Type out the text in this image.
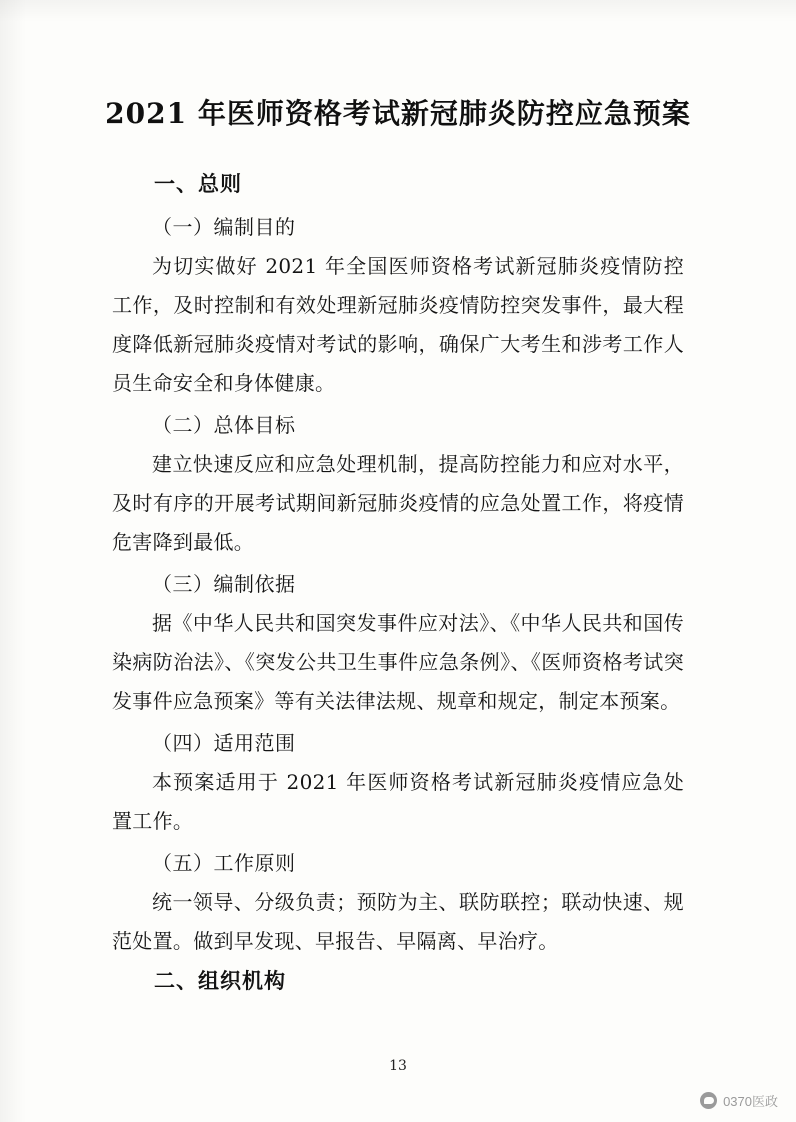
2021 年医师资格考试新冠肺炎防控应急预案
一、总则
（一）编制目的

为切实做好 2021 年全国医师资格考试新冠肺炎疫情防控工作，及时控制和有效处理新冠肺炎疫情防控突发事件，最大程度降低新冠肺炎疫情对考试的影响，确保广大考生和涉考工作人员生命安全和身体健康。

（二）总体目标

建立快速反应和应急处理机制，提高防控能力和应对水平，及时有序的开展考试期间新冠肺炎疫情的应急处置工作，将疫情危害降到最低。

（三）编制依据

据《中华人民共和国突发事件应对法》、《中华人民共和国传染病防治法》、《突发公共卫生事件应急条例》、《医师资格考试突发事件应急预案》等有关法律法规、规章和规定，制定本预案。

（四）适用范围

本预案适用于 2021 年医师资格考试新冠肺炎疫情应急处置工作。

（五）工作原则

统一领导、分级负责；预防为主、联防联控；联动快速、规范处置。做到早发现、早报告、早隔离、早治疗。

二、组织机构
13
0370医政
